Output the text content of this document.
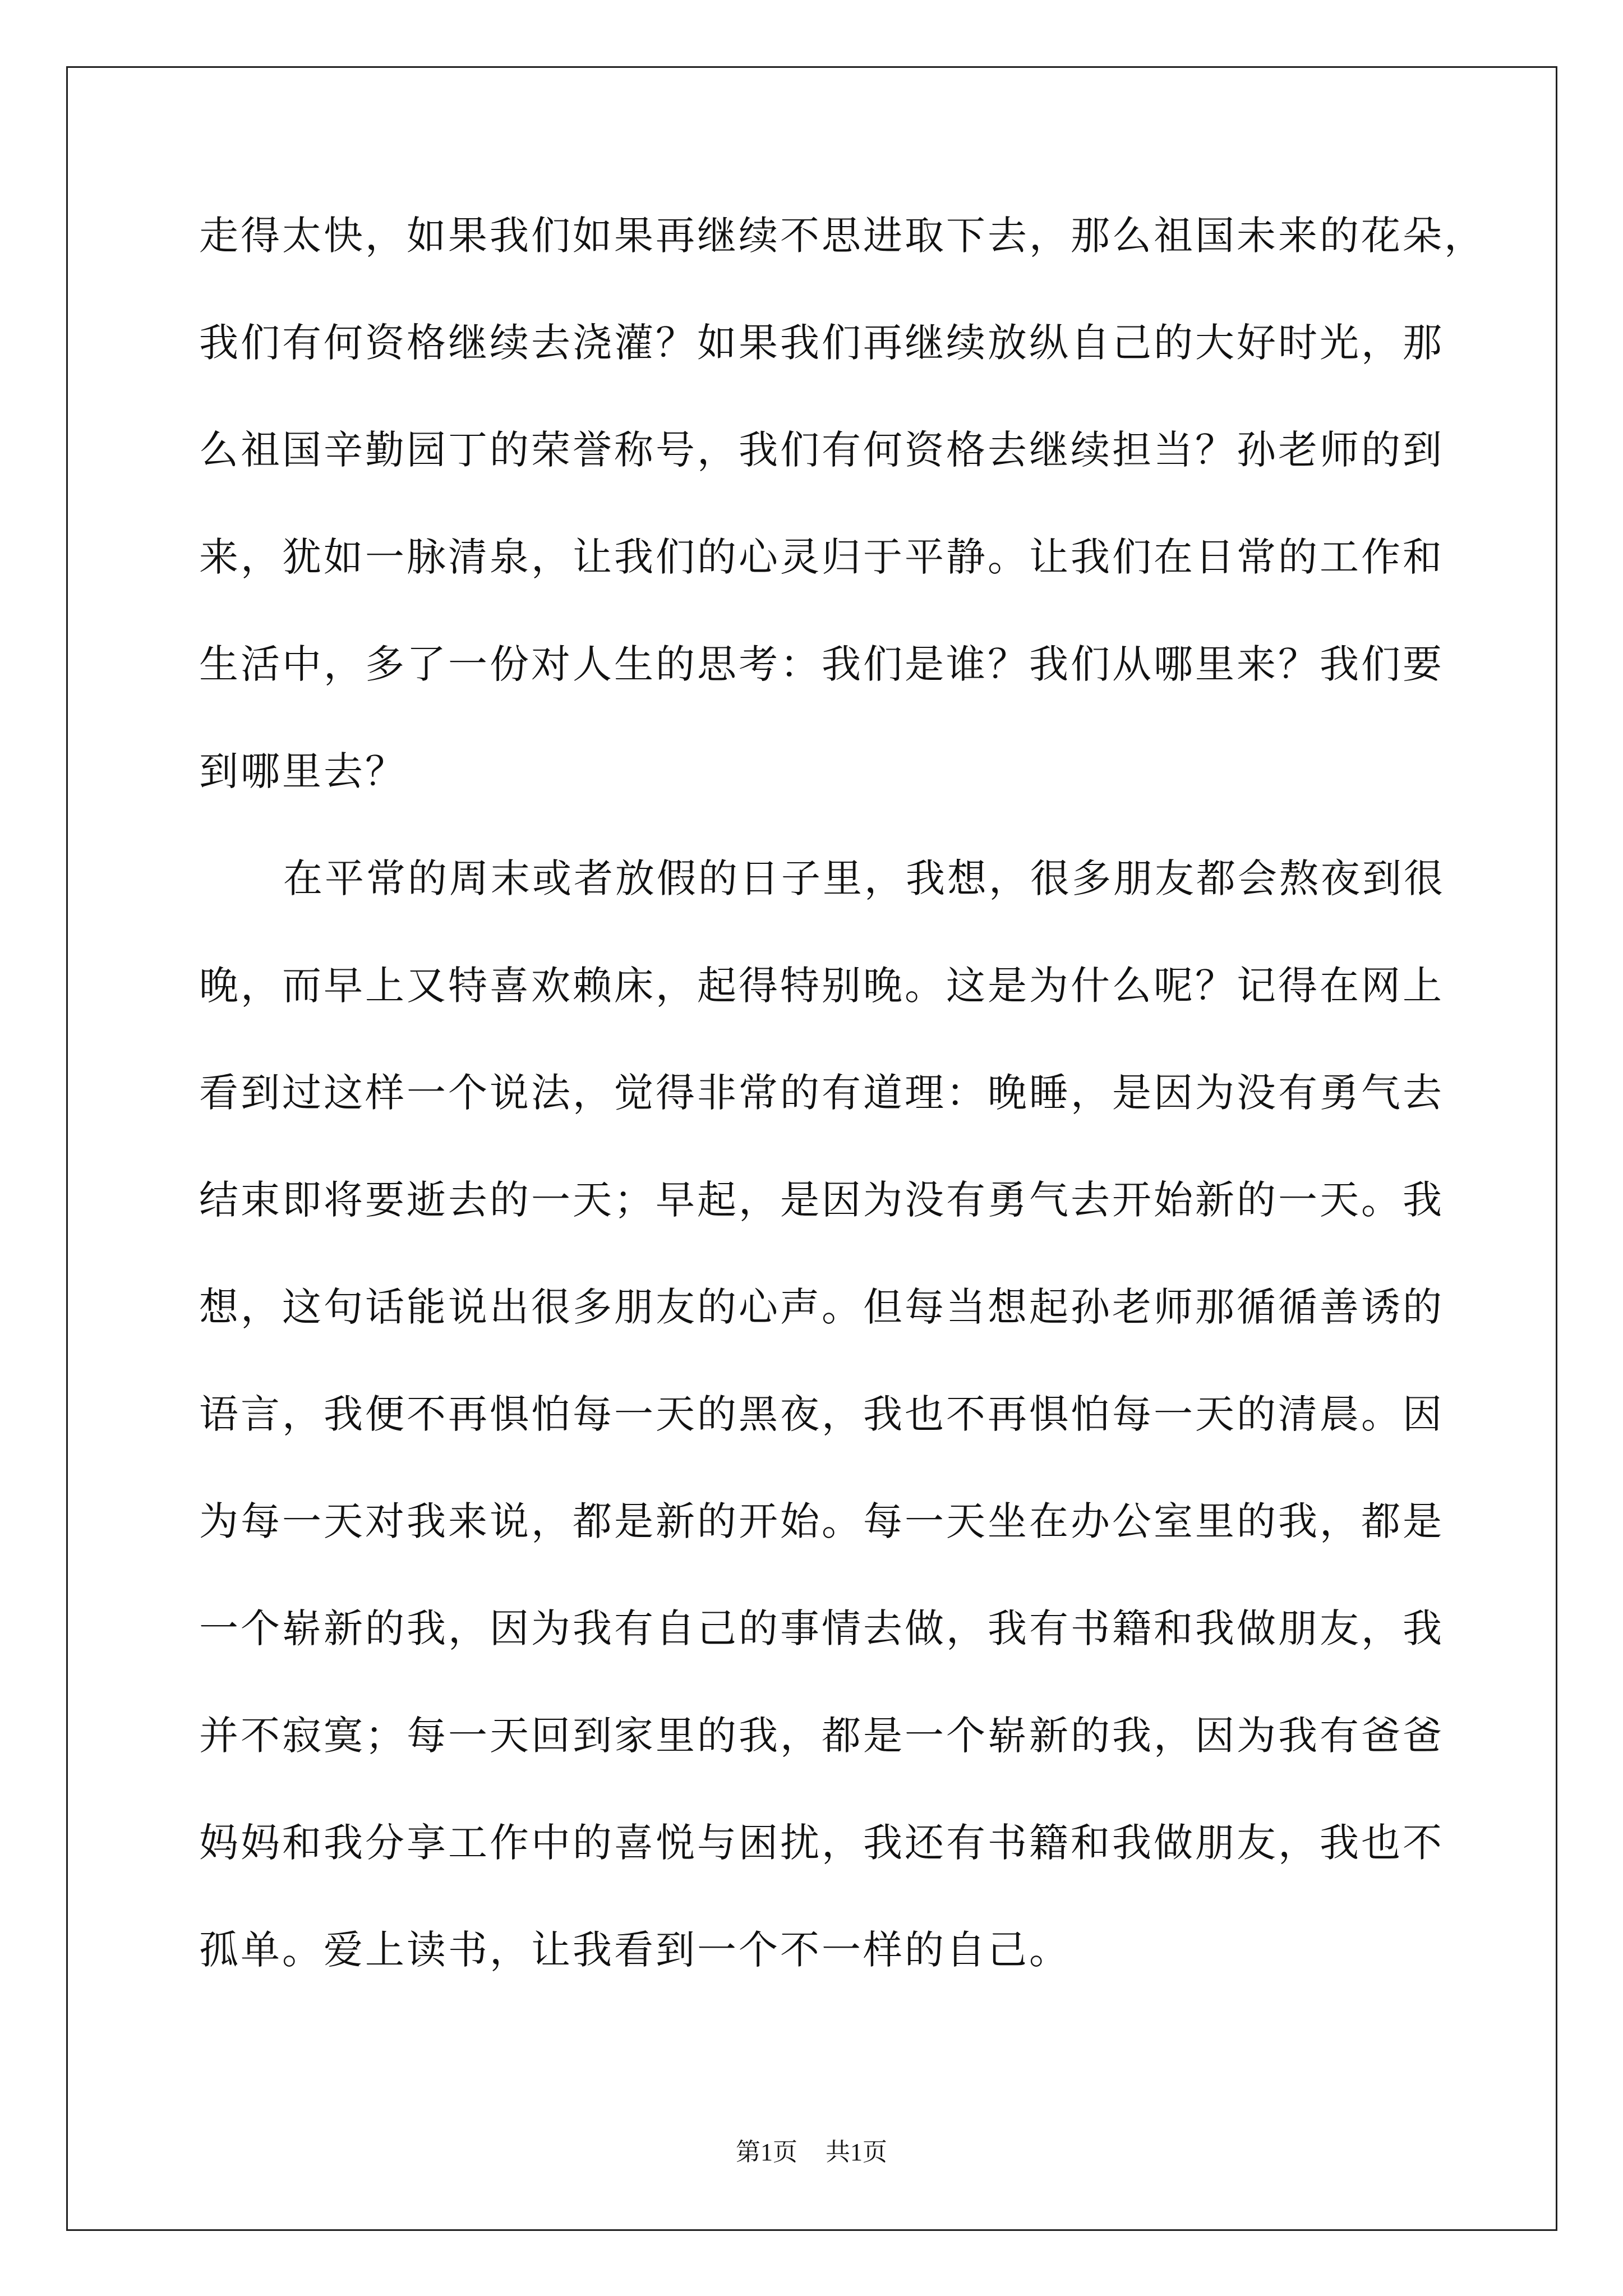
走得太快，如果我们如果再继续不思进取下去，那么祖国未来的花朵，
我们有何资格继续去浇灌？如果我们再继续放纵自己的大好时光，那
么祖国辛勤园丁的荣誉称号，我们有何资格去继续担当？孙老师的到
来，犹如一脉清泉，让我们的心灵归于平静。让我们在日常的工作和
生活中，多了一份对人生的思考：我们是谁？我们从哪里来？我们要
到哪里去？
在平常的周末或者放假的日子里，我想，很多朋友都会熬夜到很
晚，而早上又特喜欢赖床，起得特别晚。这是为什么呢？记得在网上
看到过这样一个说法，觉得非常的有道理：晚睡，是因为没有勇气去
结束即将要逝去的一天；早起，是因为没有勇气去开始新的一天。我
想，这句话能说出很多朋友的心声。但每当想起孙老师那循循善诱的
语言，我便不再惧怕每一天的黑夜，我也不再惧怕每一天的清晨。因
为每一天对我来说，都是新的开始。每一天坐在办公室里的我，都是
一个崭新的我，因为我有自己的事情去做，我有书籍和我做朋友，我
并不寂寞；每一天回到家里的我，都是一个崭新的我，因为我有爸爸
妈妈和我分享工作中的喜悦与困扰，我还有书籍和我做朋友，我也不
孤单。爱上读书，让我看到一个不一样的自己。
第1页 共1页
